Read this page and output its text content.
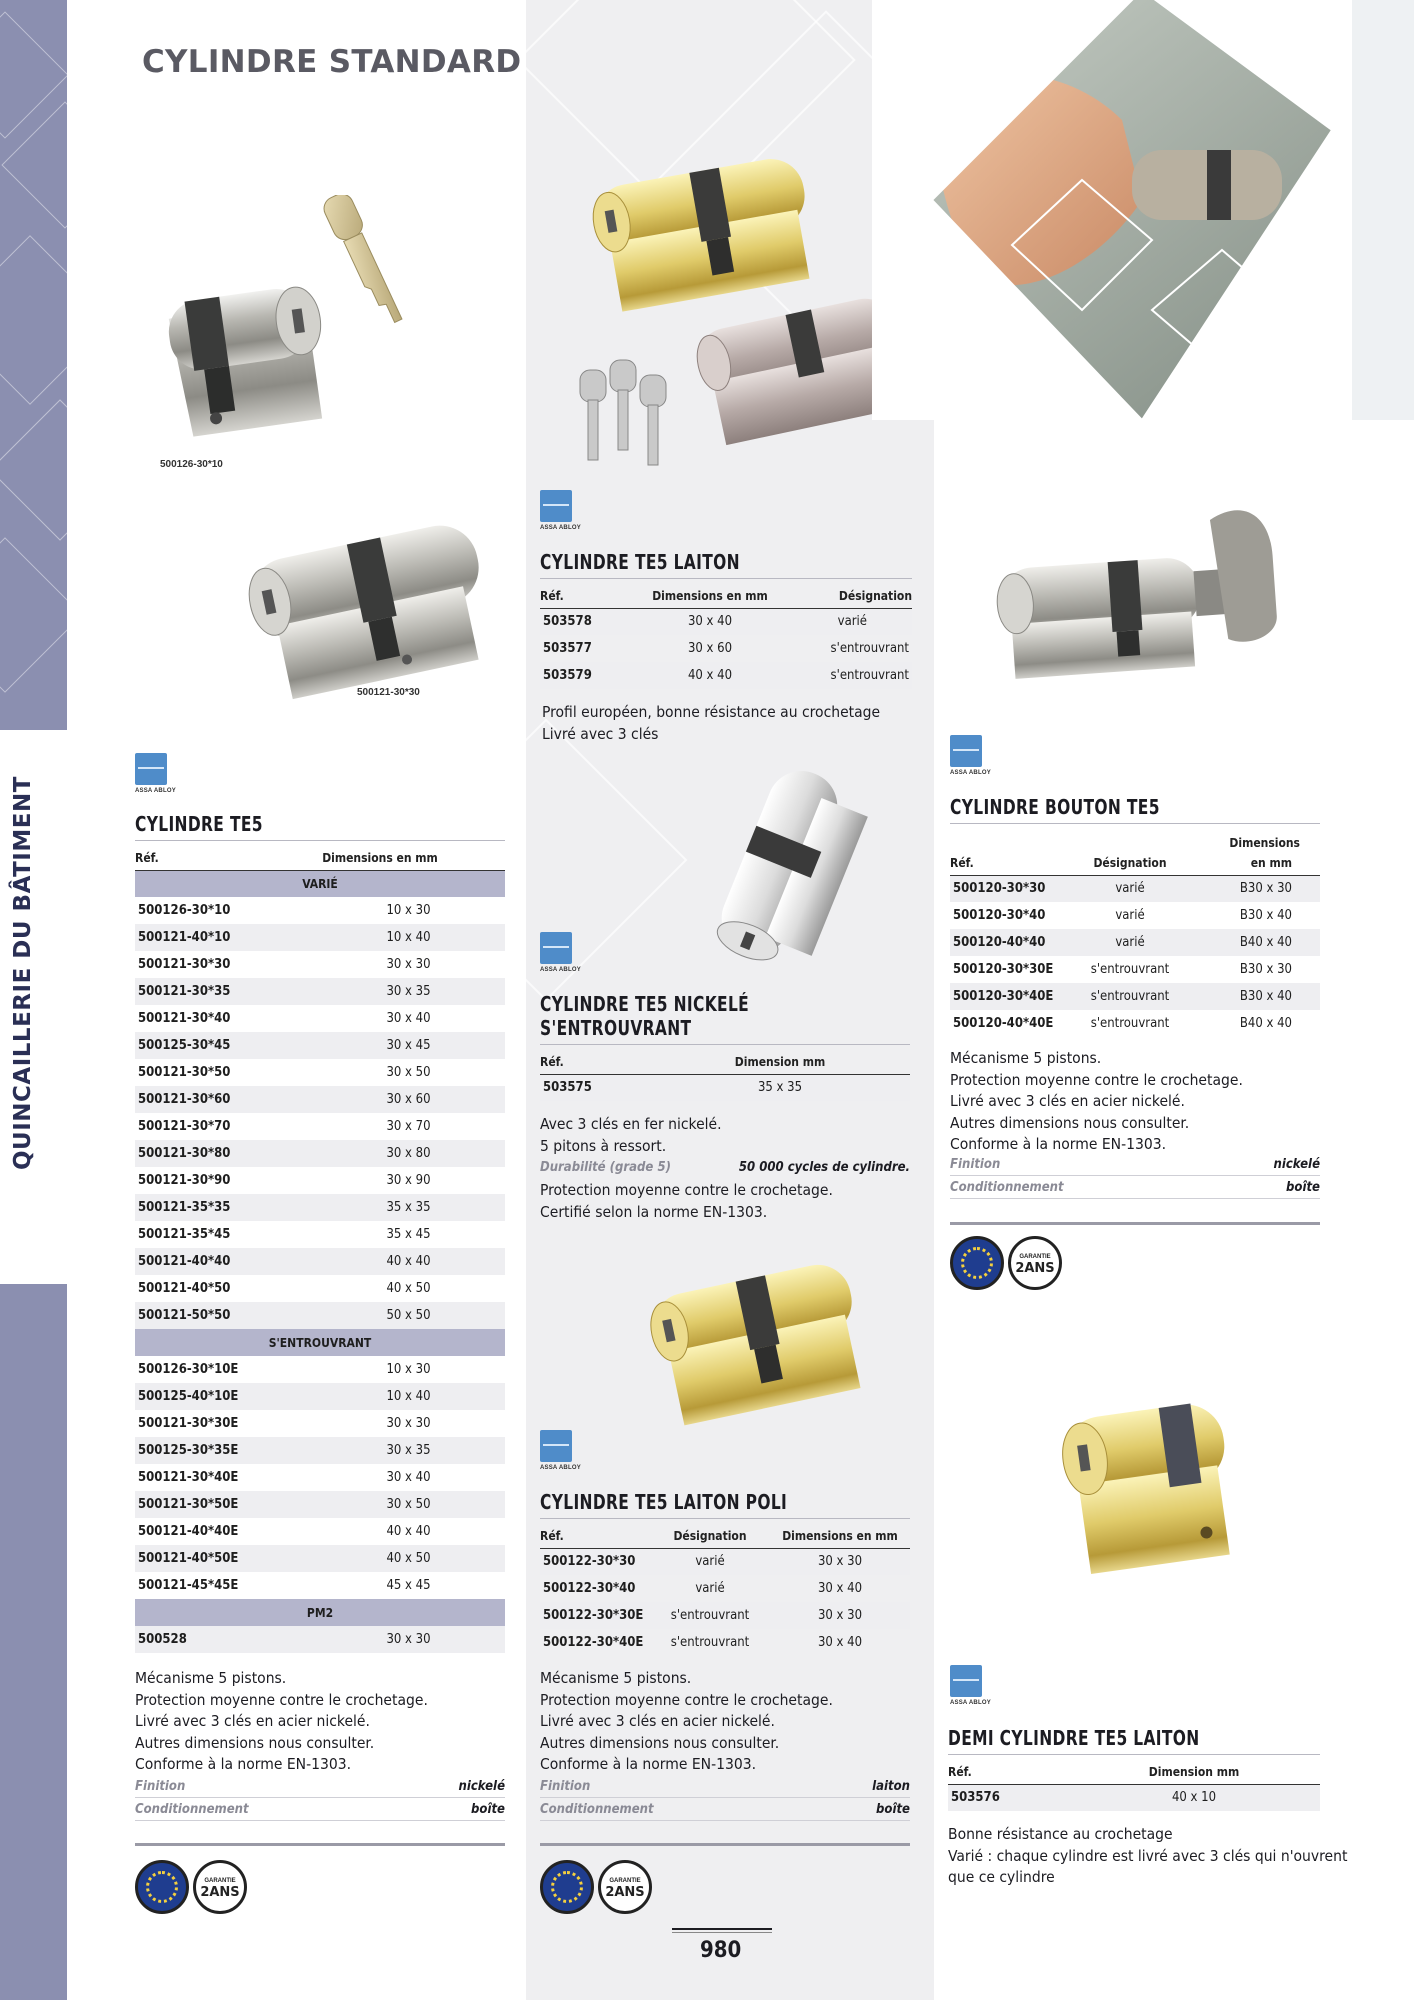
QUINCAILLERIE DU BÂTIMENT
CYLINDRE STANDARD
500126-30*10
500121-30*30
ASSA ABLOY
CYLINDRE TE5
Réf.	Dimensions en mm
VARIÉ	
500126-30*10	10 x 30
500121-40*10	10 x 40
500121-30*30	30 x 30
500121-30*35	30 x 35
500121-30*40	30 x 40
500125-30*45	30 x 45
500121-30*50	30 x 50
500121-30*60	30 x 60
500121-30*70	30 x 70
500121-30*80	30 x 80
500121-30*90	30 x 90
500121-35*35	35 x 35
500121-35*45	35 x 45
500121-40*40	40 x 40
500121-40*50	40 x 50
500121-50*50	50 x 50
S'ENTROUVRANT	
500126-30*10E	10 x 30
500125-40*10E	10 x 40
500121-30*30E	30 x 30
500125-30*35E	30 x 35
500121-30*40E	30 x 40
500121-30*50E	30 x 50
500121-40*40E	40 x 40
500121-40*50E	40 x 50
500121-45*45E	45 x 45
PM2	
500528	30 x 30
Mécanisme 5 pistons.
Protection moyenne contre le crochetage.
Livré avec 3 clés en acier nickelé.
Autres dimensions nous consulter.
Conforme à la norme EN-1303.
Finition	nickelé
Conditionnement	boîte
GARANTIE
2ANS
ASSA ABLOY
CYLINDRE TE5 LAITON
Réf.	Dimensions en mm	Désignation
503578	30 x 40	varié
503577	30 x 60	s'entrouvrant
503579	40 x 40	s'entrouvrant
Profil européen, bonne résistance au crochetage
Livré avec 3 clés
ASSA ABLOY
CYLINDRE TE5 NICKELÉ
S'ENTROUVRANT
Réf.	Dimension mm
503575	35 x 35
Avec 3 clés en fer nickelé.
5 pitons à ressort.
Durabilité (grade 5)	50 000 cycles de cylindre.
Protection moyenne contre le crochetage.
Certifié selon la norme EN-1303.
ASSA ABLOY
CYLINDRE TE5 LAITON POLI
Réf.	Désignation	Dimensions en mm
500122-30*30	varié	30 x 30
500122-30*40	varié	30 x 40
500122-30*30E	s'entrouvrant	30 x 30
500122-30*40E	s'entrouvrant	30 x 40
Mécanisme 5 pistons.
Protection moyenne contre le crochetage.
Livré avec 3 clés en acier nickelé.
Autres dimensions nous consulter.
Conforme à la norme EN-1303.
Finition	laiton
Conditionnement	boîte
GARANTIE
2ANS
980
ASSA ABLOY
CYLINDRE BOUTON TE5
Réf.	Désignation	Dimensions
en mm

500120-30*30	varié	B30 x 30
500120-30*40	varié	B30 x 40
500120-40*40	varié	B40 x 40
500120-30*30E	s'entrouvrant	B30 x 30
500120-30*40E	s'entrouvrant	B30 x 40
500120-40*40E	s'entrouvrant	B40 x 40
Mécanisme 5 pistons.
Protection moyenne contre le crochetage.
Livré avec 3 clés en acier nickelé.
Autres dimensions nous consulter.
Conforme à la norme EN-1303.
Finition	nickelé
Conditionnement	boîte
GARANTIE
2ANS
ASSA ABLOY
DEMI CYLINDRE TE5 LAITON
Réf.	Dimension mm
503576	40 x 10
Bonne résistance au crochetage
Varié : chaque cylindre est livré avec 3 clés qui n'ouvrent
que ce cylindre
